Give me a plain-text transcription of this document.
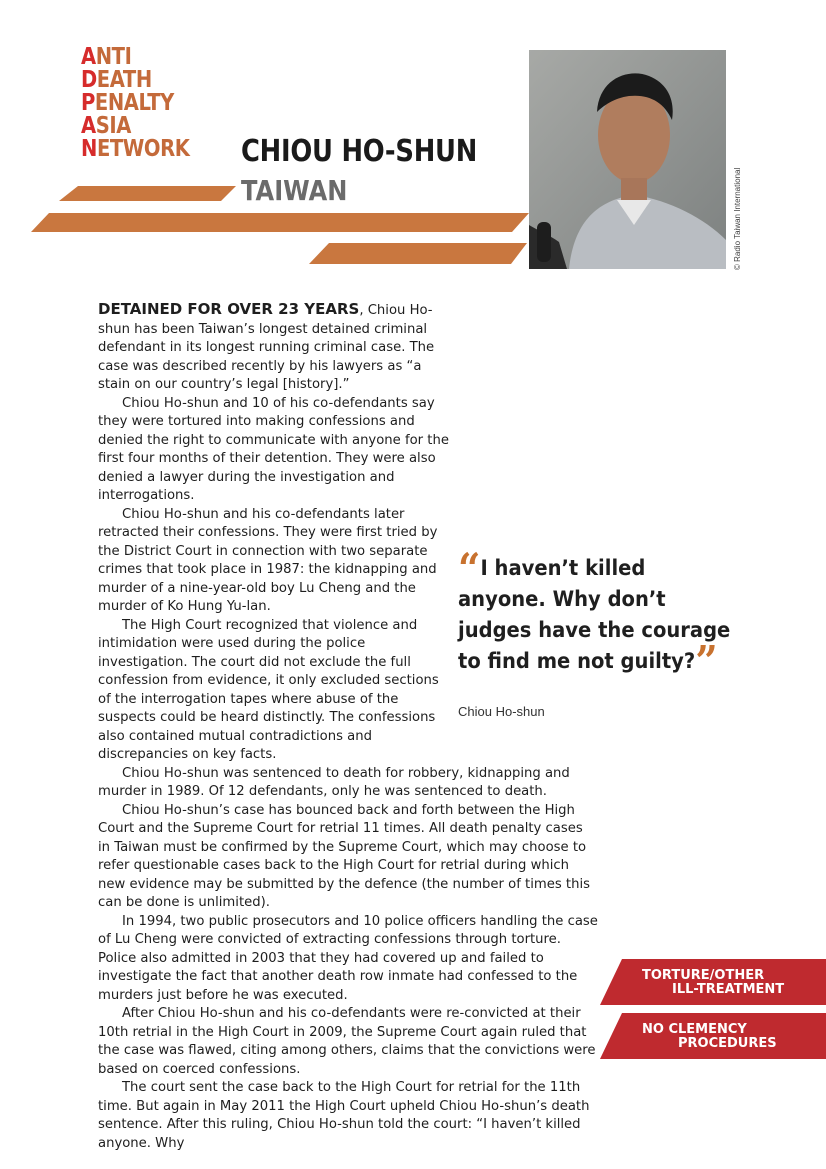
ANTI
DEATH
PENALTY
ASIA
NETWORK CHIOU HO-SHUN
TAIWAN	© Radio Taiwan International

DETAINED FOR OVER 23 YEARS, Chiou Ho-shun has been Taiwan’s longest detained criminal defendant in its longest running criminal case. The case was described recently by his lawyers as “a stain on our country’s legal [history].”

Chiou Ho-shun and 10 of his co-defendants say they were tortured into making confessions and denied the right to communicate with anyone for the first four months of their detention. They were also denied a lawyer during the investigation and interrogations.

Chiou Ho-shun and his co-defendants later retracted their confessions. They were first tried by the District Court in connection with two separate crimes that took place in 1987: the kidnapping and murder of a nine-year-old boy Lu Cheng and the murder of Ko Hung Yu-lan.

The High Court recognized that violence and intimidation were used during the police investigation. The court did not exclude the full confession from evidence, it only excluded sections of the interrogation tapes where abuse of the suspects could be heard distinctly. The confessions also contained mutual contradictions and discrepancies on key facts.

Chiou Ho-shun was sentenced to death for robbery, kidnapping and murder in 1989. Of 12 defendants, only he was sentenced to death.

Chiou Ho-shun’s case has bounced back and forth between the High Court and the Supreme Court for retrial 11 times. All death penalty cases in Taiwan must be confirmed by the Supreme Court, which may choose to refer questionable cases back to the High Court for retrial during which new evidence may be submitted by the defence (the number of times this can be done is unlimited).

In 1994, two public prosecutors and 10 police officers handling the case of Lu Cheng were convicted of extracting confessions through torture. Police also admitted in 2003 that they had covered up and failed to investigate the fact that another death row inmate had confessed to the murders just before he was executed.

After Chiou Ho-shun and his co-defendants were re-convicted at their 10th retrial in the High Court in 2009, the Supreme Court again ruled that the case was flawed, citing among others, claims that the convictions were based on coerced confessions.

The court sent the case back to the High Court for retrial for the 11th time. But again in May 2011 the High Court upheld Chiou Ho-shun’s death sentence. After this ruling, Chiou Ho-shun told the court: “I haven’t killed anyone. Why

“I haven’t killed anyone. Why don’t judges have the courage to find me not guilty?”
Chiou Ho-shun
TORTURE/OTHER
ILL-TREATMENT
NO CLEMENCY
PROCEDURES
